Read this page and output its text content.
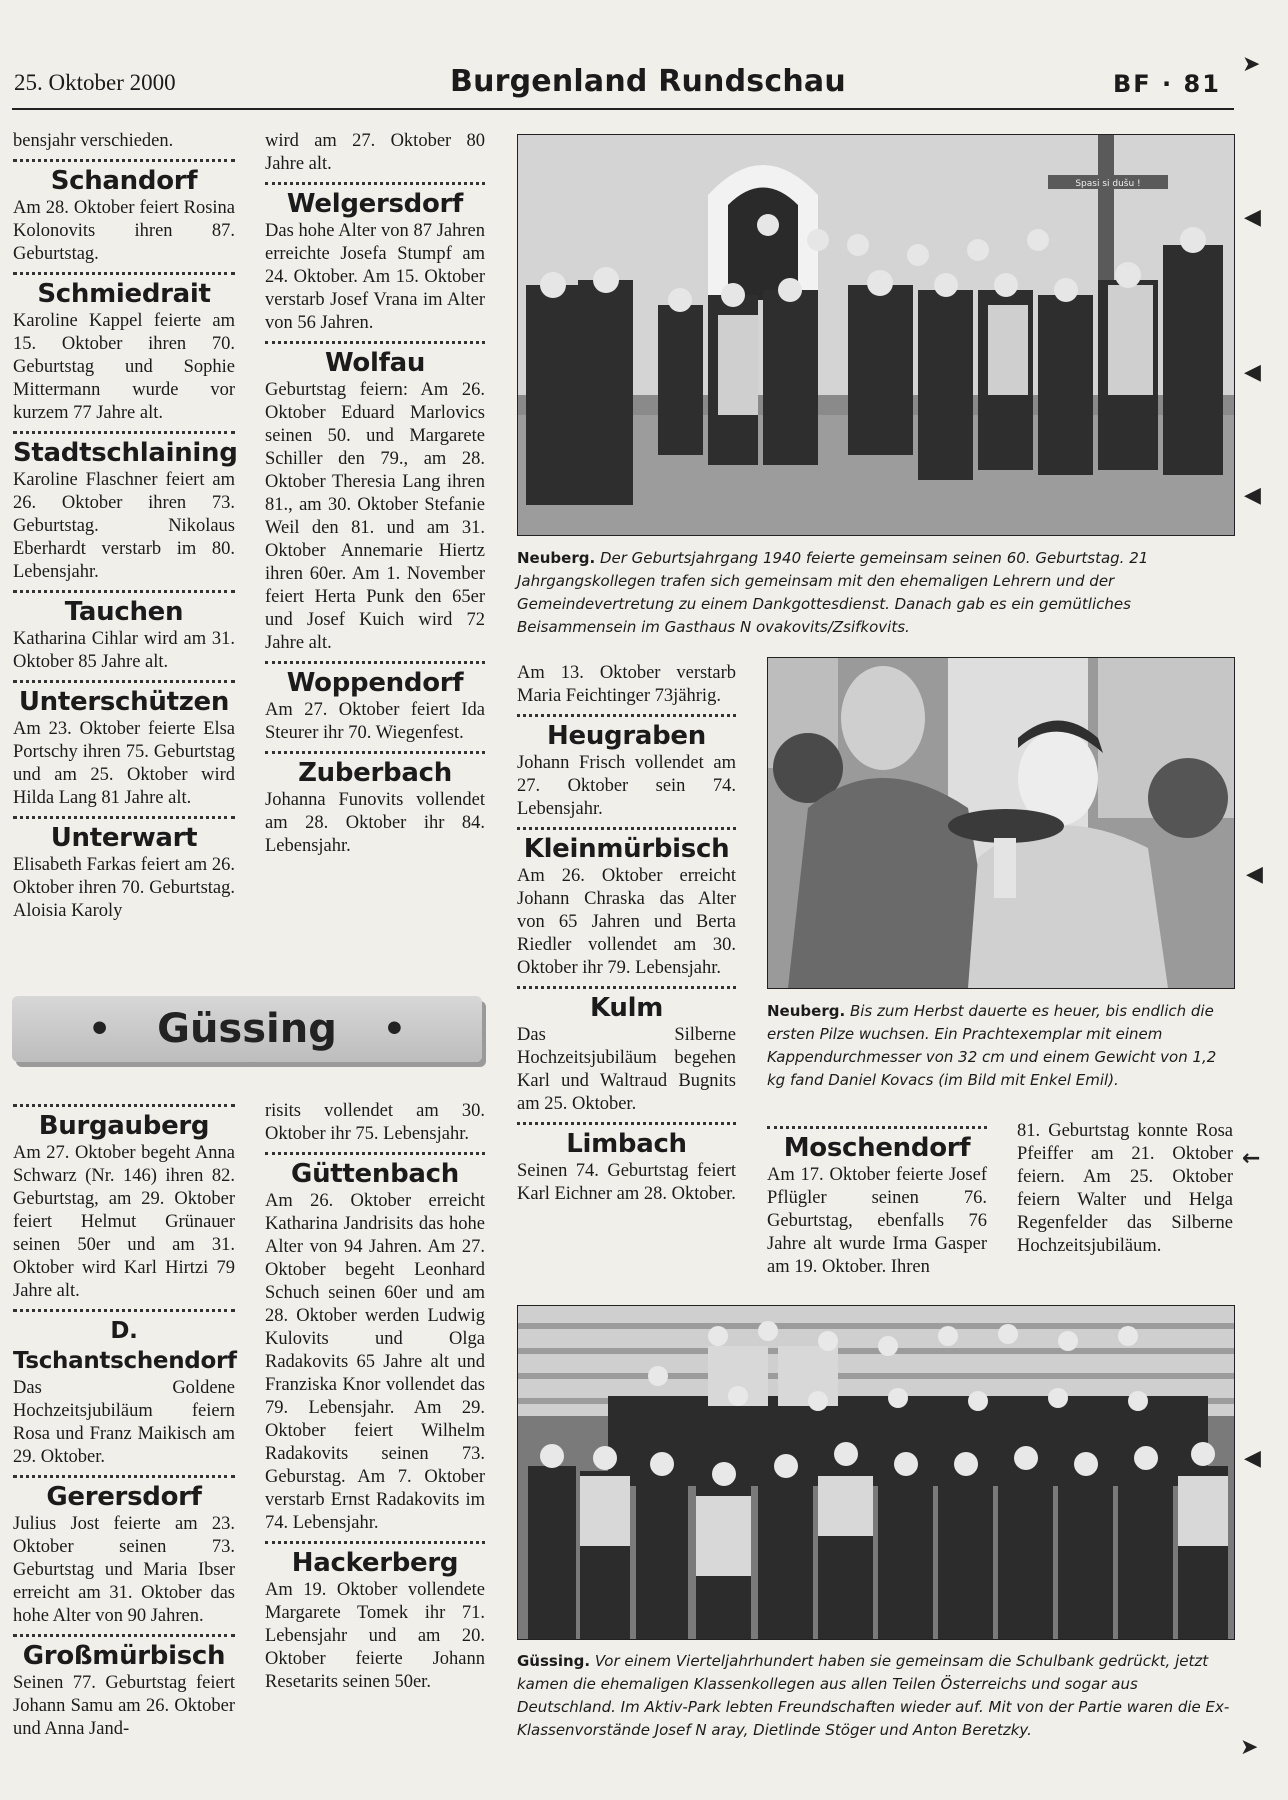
25. Oktober 2000	Burgenland Rundschau	BF · 81
bensjahr verschieden.
Schandorf
Am 28. Oktober feiert Rosina Kolonovits ihren 87. Geburtstag.
Schmiedrait
Karoline Kappel feierte am 15. Oktober ihren 70. Geburtstag und Sophie Mittermann wurde vor kurzem 77 Jahre alt.
Stadtschlaining
Karoline Flaschner feiert am 26. Oktober ihren 73. Geburtstag. Nikolaus Eberhardt verstarb im 80. Lebensjahr.
Tauchen
Katharina Cihlar wird am 31. Oktober 85 Jahre alt.
Unterschützen
Am 23. Oktober feierte Elsa Portschy ihren 75. Geburtstag und am 25. Oktober wird Hilda Lang 81 Jahre alt.
Unterwart
Elisabeth Farkas feiert am 26. Oktober ihren 70. Geburtstag. Aloisia Karoly
wird am 27. Oktober 80 Jahre alt.
Welgersdorf
Das hohe Alter von 87 Jahren erreichte Josefa Stumpf am 24. Oktober. Am 15. Oktober verstarb Josef Vrana im Alter von 56 Jahren.
Wolfau
Geburtstag feiern: Am 26. Oktober Eduard Marlovics seinen 50. und Margarete Schiller den 79., am 28. Oktober Theresia Lang ihren 81., am 30. Oktober Stefanie Weil den 81. und am 31. Oktober Annemarie Hiertz ihren 60er. Am 1. November feiert Herta Punk den 65er und Josef Kuich wird 72 Jahre alt.
Woppendorf
Am 27. Oktober feiert Ida Steurer ihr 70. Wiegenfest.
Zuberbach
Johanna Funovits vollendet am 28. Oktober ihr 84. Lebensjahr.
• Güssing •
Burgauberg
Am 27. Oktober begeht Anna Schwarz (Nr. 146) ihren 82. Geburtstag, am 29. Oktober feiert Helmut Grünauer seinen 50er und am 31. Oktober wird Karl Hirtzi 79 Jahre alt.
D. Tschantschendorf
Das Goldene Hochzeitsjubiläum feiern Rosa und Franz Maikisch am 29. Oktober.
Gerersdorf
Julius Jost feierte am 23. Oktober seinen 73. Geburtstag und Maria Ibser erreicht am 31. Oktober das hohe Alter von 90 Jahren.
Großmürbisch
Seinen 77. Geburtstag feiert Johann Samu am 26. Oktober und Anna Jand-
risits vollendet am 30. Oktober ihr 75. Lebensjahr.
Güttenbach
Am 26. Oktober erreicht Katharina Jandrisits das hohe Alter von 94 Jahren. Am 27. Oktober begeht Leonhard Schuch seinen 60er und am 28. Oktober werden Ludwig Kulovits und Olga Radakovits 65 Jahre alt und Franziska Knor vollendet das 79. Lebensjahr. Am 29. Oktober feiert Wilhelm Radakovits seinen 73. Geburstag. Am 7. Oktober verstarb Ernst Radakovits im 74. Lebensjahr.
Hackerberg
Am 19. Oktober vollendete Margarete Tomek ihr 71. Lebensjahr und am 20. Oktober feierte Johann Resetarits seinen 50er.
Spasi si dušu !
Neuberg. Der Geburtsjahrgang 1940 feierte gemeinsam seinen 60. Geburtstag. 21 Jahrgangskollegen trafen sich gemeinsam mit den ehemaligen Lehrern und der Gemeindevertretung zu einem Dankgottesdienst. Danach gab es ein gemütliches Beisammensein im Gasthaus N ovakovits/Zsifkovits.
Am 13. Oktober verstarb Maria Feichtinger 73jährig.
Heugraben
Johann Frisch vollendet am 27. Oktober sein 74. Lebensjahr.
Kleinmürbisch
Am 26. Oktober erreicht Johann Chraska das Alter von 65 Jahren und Berta Riedler vollendet am 30. Oktober ihr 79. Lebensjahr.
Kulm
Das Silberne Hochzeitsjubiläum begehen Karl und Waltraud Bugnits am 25. Oktober.
Limbach
Seinen 74. Geburtstag feiert Karl Eichner am 28. Oktober.
Neuberg. Bis zum Herbst dauerte es heuer, bis endlich die ersten Pilze wuchsen. Ein Prachtexemplar mit einem Kappendurchmesser von 32 cm und einem Gewicht von 1,2 kg fand Daniel Kovacs (im Bild mit Enkel Emil).
Moschendorf
Am 17. Oktober feierte Josef Pflügler seinen 76. Geburtstag, ebenfalls 76 Jahre alt wurde Irma Gasper am 19. Oktober. Ihren
81. Geburtstag konnte Rosa Pfeiffer am 21. Oktober feiern. Am 25. Oktober feiern Walter und Helga Regenfelder das Silberne Hochzeitsjubiläum.
Güssing. Vor einem Vierteljahrhundert haben sie gemeinsam die Schulbank gedrückt, jetzt kamen die ehemaligen Klassenkollegen aus allen Teilen Österreichs und sogar aus Deutschland. Im Aktiv-Park lebten Freundschaften wieder auf. Mit von der Partie waren die Ex-Klassenvorstände Josef N aray, Dietlinde Stöger und Anton Beretzky.
➤
◀
◀
◀
◀
←
◀
➤
